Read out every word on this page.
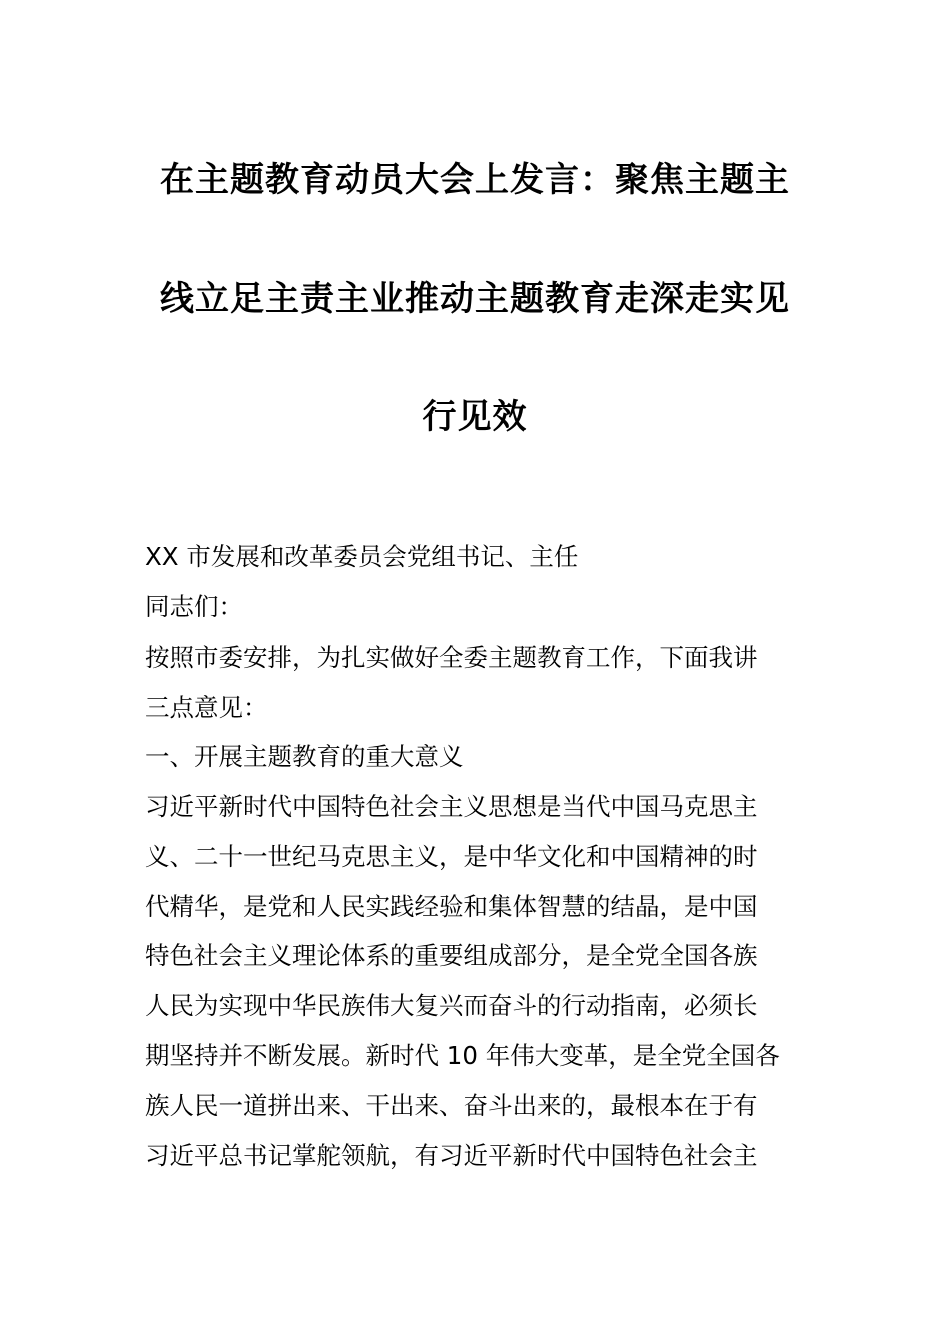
在主题教育动员大会上发言：聚焦主题主
线立足主责主业推动主题教育走深走实见
行见效

XX 市发展和改革委员会党组书记、主任

同志们：

按照市委安排，为扎实做好全委主题教育工作，下面我讲

三点意见：

一、开展主题教育的重大意义

习近平新时代中国特色社会主义思想是当代中国马克思主

义、二十一世纪马克思主义，是中华文化和中国精神的时

代精华，是党和人民实践经验和集体智慧的结晶，是中国

特色社会主义理论体系的重要组成部分，是全党全国各族

人民为实现中华民族伟大复兴而奋斗的行动指南，必须长

期坚持并不断发展。新时代 10 年伟大变革，是全党全国各

族人民一道拼出来、干出来、奋斗出来的，最根本在于有

习近平总书记掌舵领航，有习近平新时代中国特色社会主
